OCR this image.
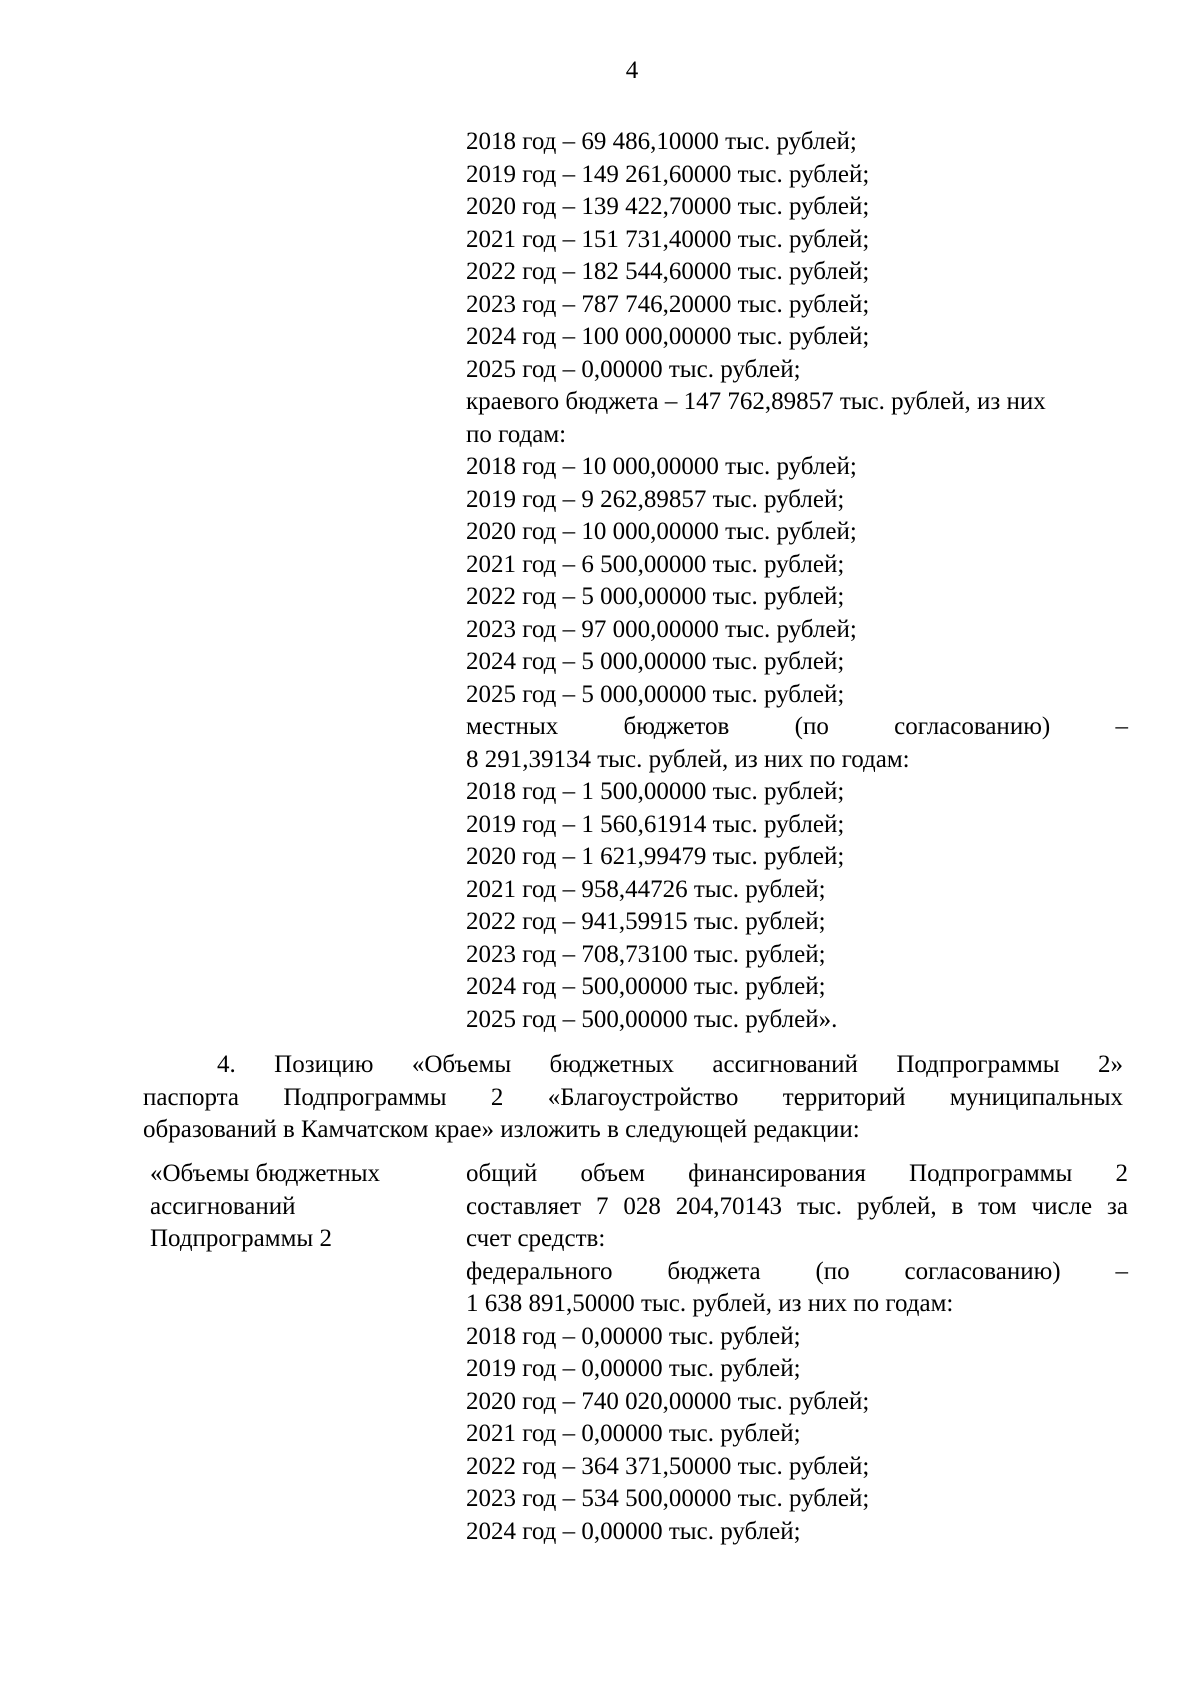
4
2018 год – 69 486,10000 тыс. рублей;
2019 год – 149 261,60000 тыс. рублей;
2020 год – 139 422,70000 тыс. рублей;
2021 год – 151 731,40000 тыс. рублей;
2022 год – 182 544,60000 тыс. рублей;
2023 год – 787 746,20000 тыс. рублей;
2024 год – 100 000,00000 тыс. рублей;
2025 год – 0,00000 тыс. рублей;
краевого бюджета – 147 762,89857 тыс. рублей, из них
по годам:
2018 год – 10 000,00000 тыс. рублей;
2019 год – 9 262,89857 тыс. рублей;
2020 год – 10 000,00000 тыс. рублей;
2021 год – 6 500,00000 тыс. рублей;
2022 год – 5 000,00000 тыс. рублей;
2023 год – 97 000,00000 тыс. рублей;
2024 год – 5 000,00000 тыс. рублей;
2025 год – 5 000,00000 тыс. рублей;
местных бюджетов (по согласованию) –
8 291,39134 тыс. рублей, из них по годам:
2018 год – 1 500,00000 тыс. рублей;
2019 год – 1 560,61914 тыс. рублей;
2020 год – 1 621,99479 тыс. рублей;
2021 год – 958,44726 тыс. рублей;
2022 год – 941,59915 тыс. рублей;
2023 год – 708,73100 тыс. рублей;
2024 год – 500,00000 тыс. рублей;
2025 год – 500,00000 тыс. рублей».
4. Позицию «Объемы бюджетных ассигнований Подпрограммы 2»
паспорта Подпрограммы 2 «Благоустройство территорий муниципальных
образований в Камчатском крае» изложить в следующей редакции:
«Объемы бюджетных
ассигнований
Подпрограммы 2
общий объем финансирования Подпрограммы 2
составляет 7 028 204,70143 тыс. рублей, в том числе за
счет средств:
федерального бюджета (по согласованию) –
1 638 891,50000 тыс. рублей, из них по годам:
2018 год – 0,00000 тыс. рублей;
2019 год – 0,00000 тыс. рублей;
2020 год – 740 020,00000 тыс. рублей;
2021 год – 0,00000 тыс. рублей;
2022 год – 364 371,50000 тыс. рублей;
2023 год – 534 500,00000 тыс. рублей;
2024 год – 0,00000 тыс. рублей;
